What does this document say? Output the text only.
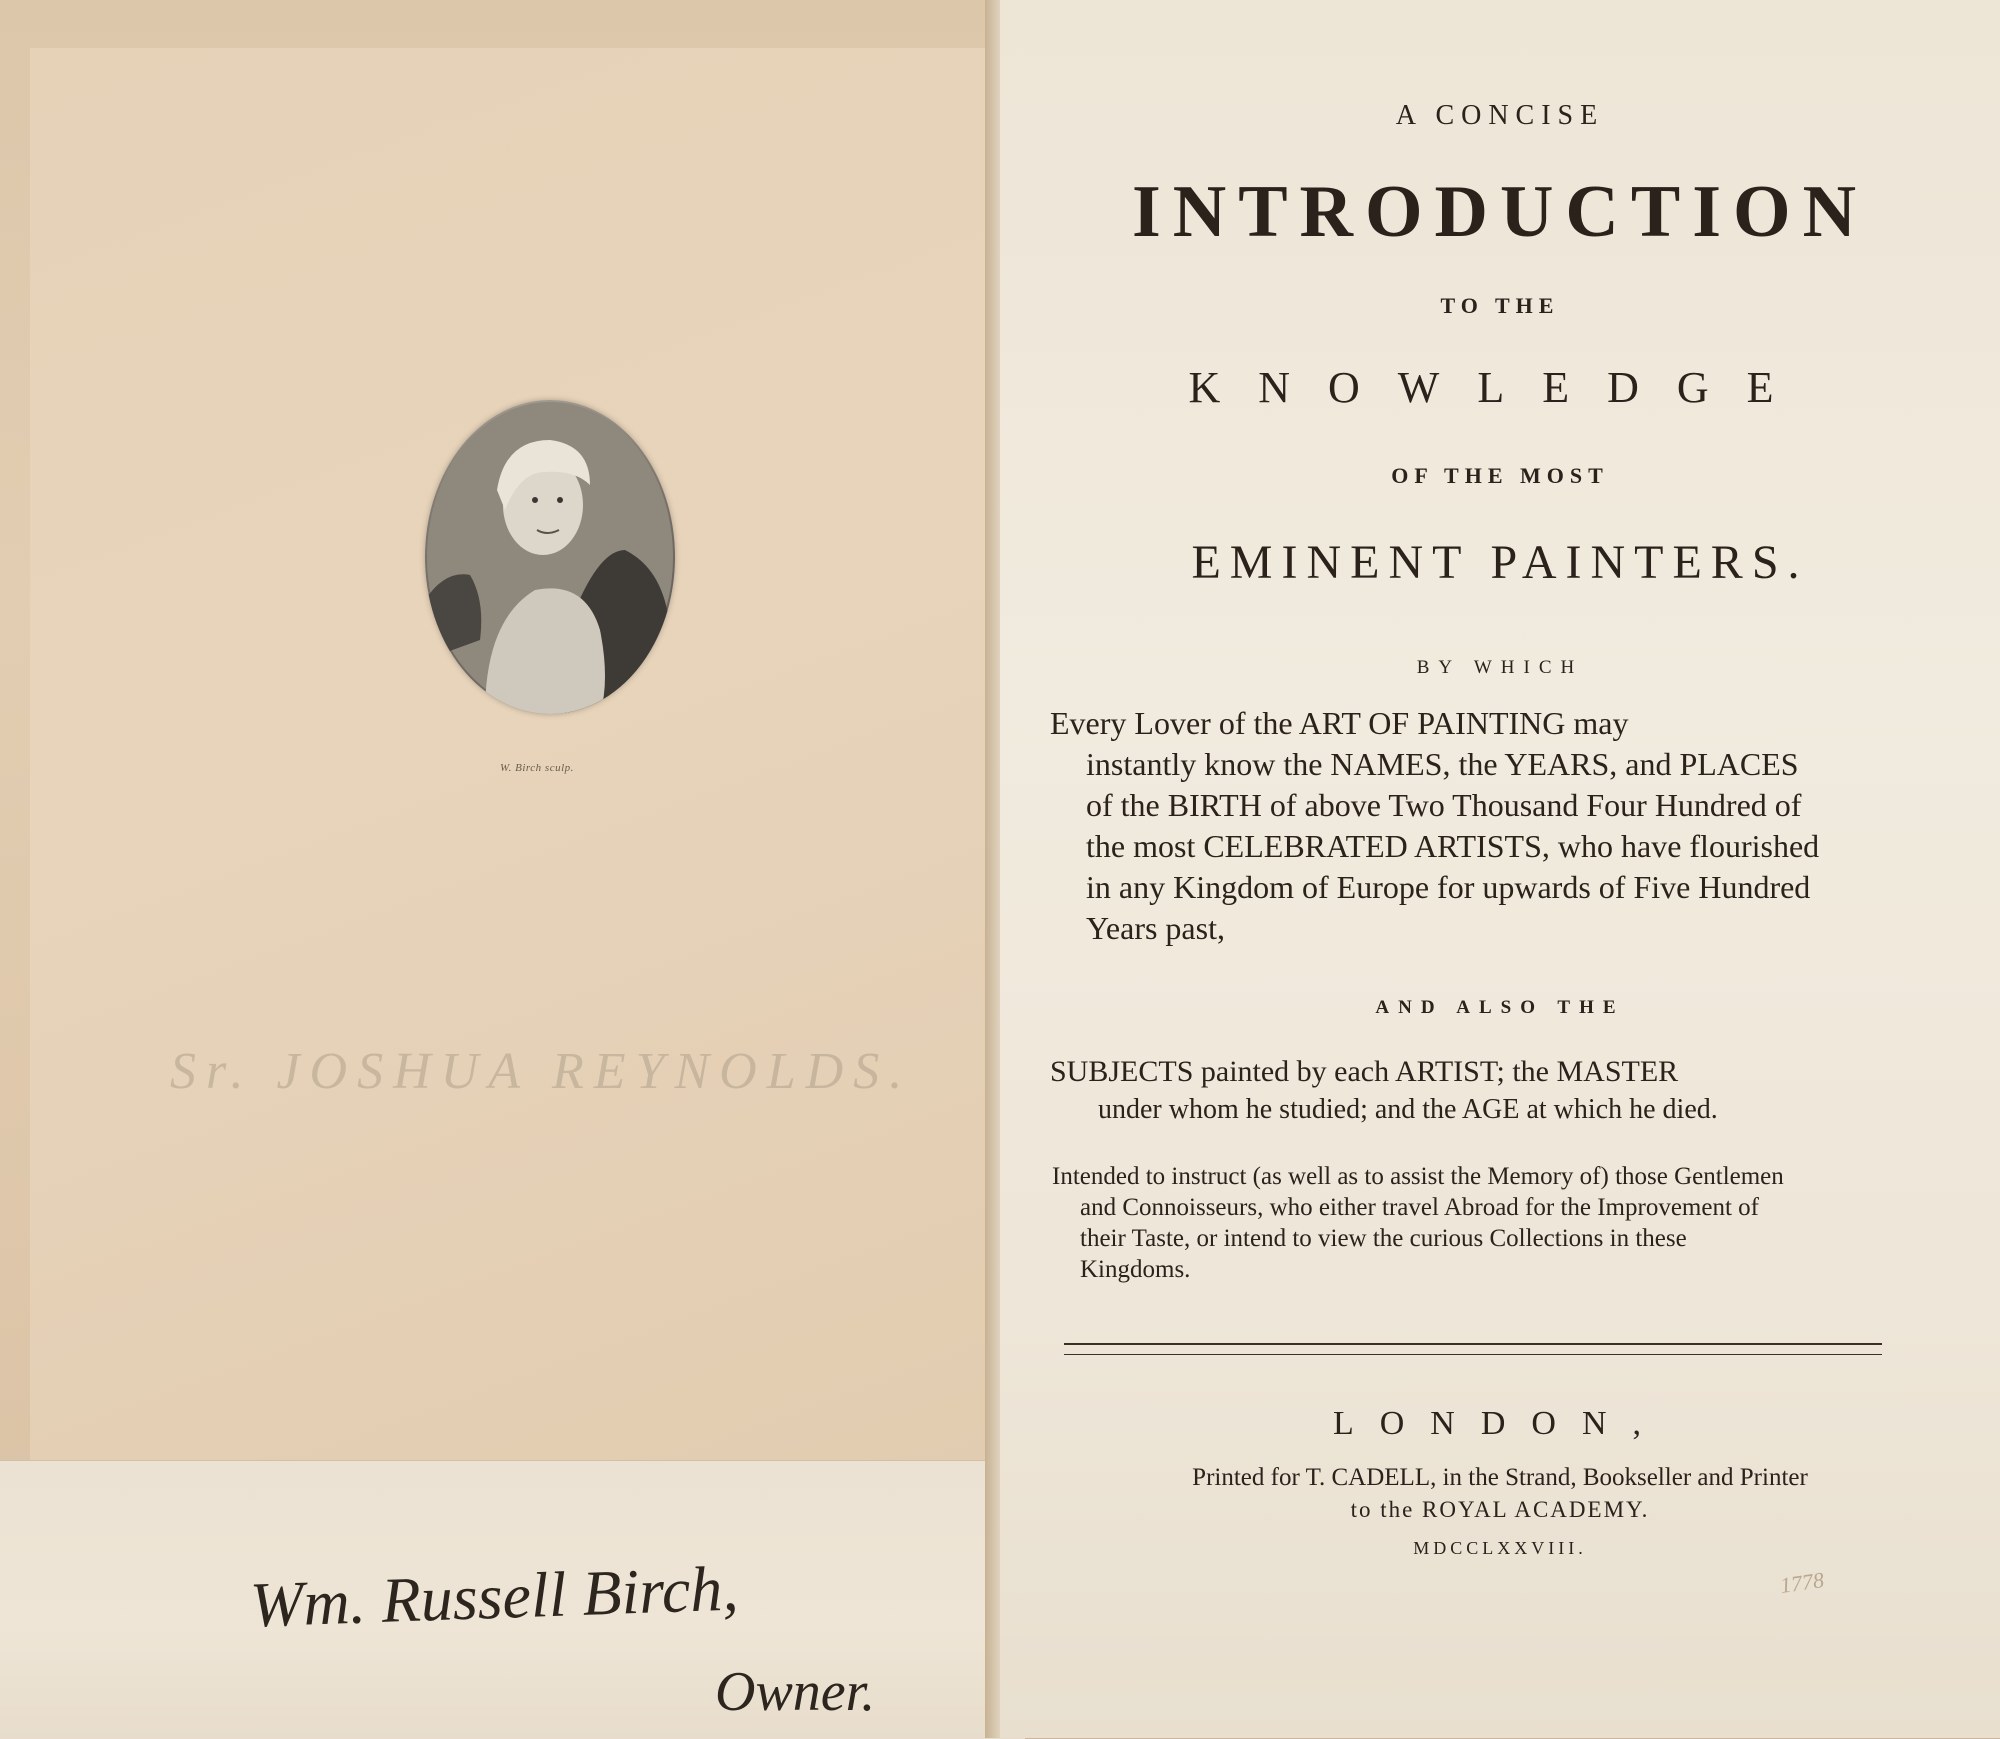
W. Birch sculp.
Sr. JOSHUA REYNOLDS.
Wm. Russell Birch,
Owner.
A CONCISE
INTRODUCTION
TO THE
KNOWLEDGE
OF THE MOST
EMINENT PAINTERS.
BY WHICH
Every Lover of the ART OF PAINTING may
instantly know the NAMES, the YEARS, and PLACES
of the BIRTH of above Two Thousand Four Hundred of
the most CELEBRATED ARTISTS, who have flourished
in any Kingdom of Europe for upwards of Five Hundred
Years past,
AND ALSO THE
SUBJECTS painted by each ARTIST; the MASTER
under whom he studied; and the AGE at which he died.
Intended to instruct (as well as to assist the Memory of) those Gentlemen
and Connoisseurs, who either travel Abroad for the Improvement of
their Taste, or intend to view the curious Collections in these
Kingdoms.
LONDON,
Printed for T. CADELL, in the Strand, Bookseller and Printer
to the ROYAL ACADEMY.
MDCCLXXVIII.
1778
